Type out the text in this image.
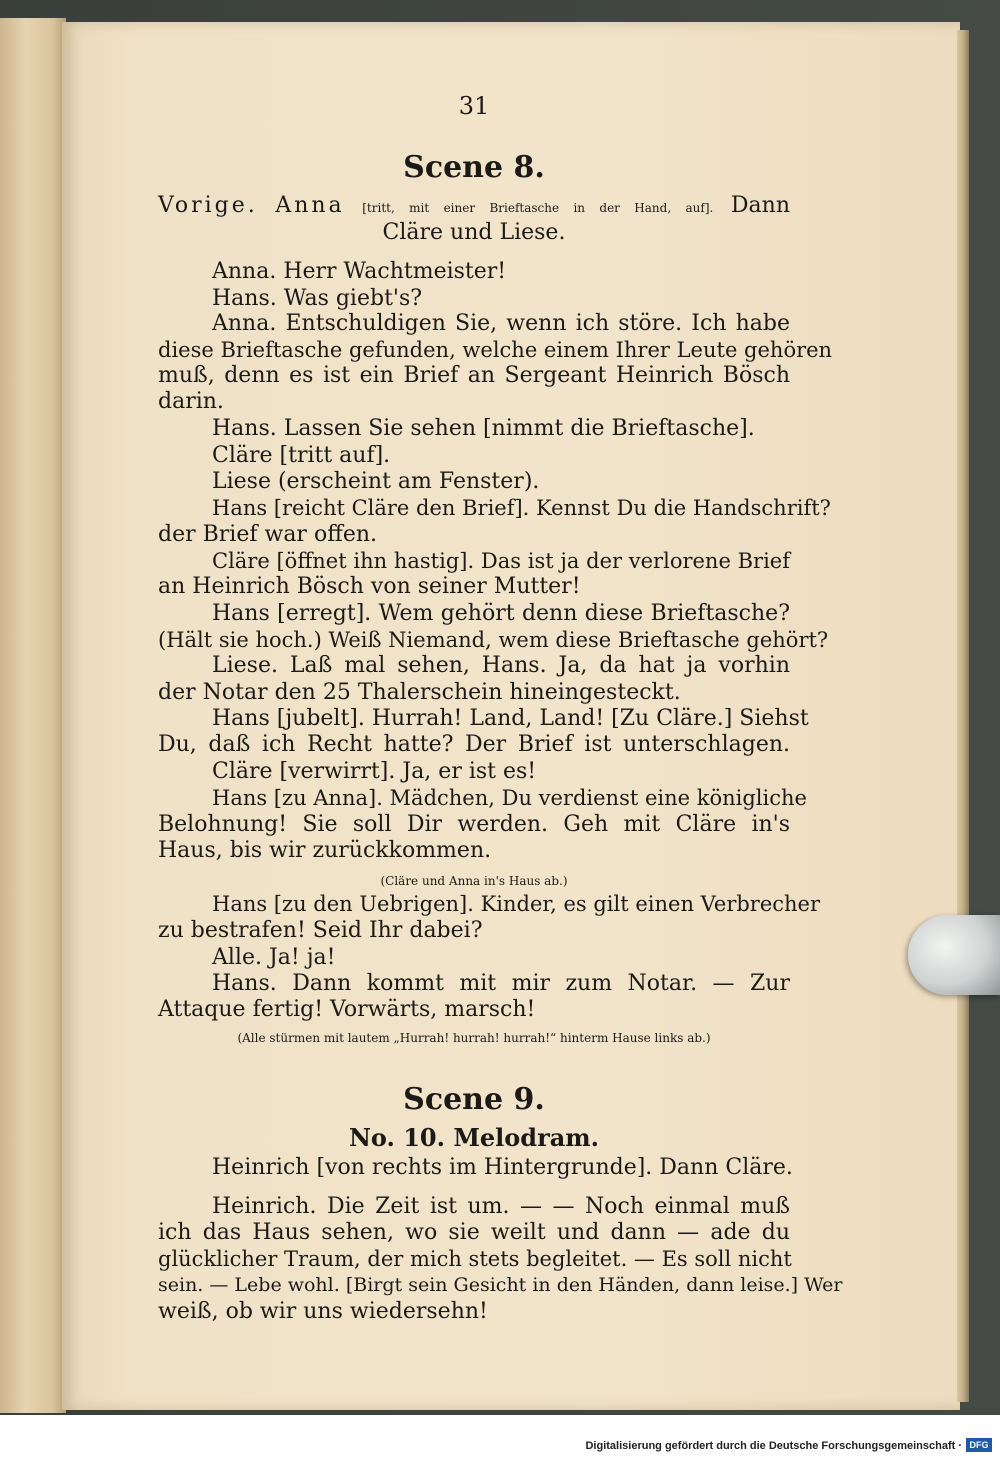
31
Scene 8.
Vorige. Anna [tritt, mit einer Brieftasche in der Hand, auf]. Dann
Cläre und Liese.
Anna. Herr Wachtmeister!
Hans. Was giebt's?
Anna. Entschuldigen Sie, wenn ich störe. Ich habe
diese Brieftasche gefunden, welche einem Ihrer Leute gehören
muß, denn es ist ein Brief an Sergeant Heinrich Bösch
darin.
Hans. Lassen Sie sehen [nimmt die Brieftasche].
Cläre [tritt auf].
Liese (erscheint am Fenster).
Hans [reicht Cläre den Brief]. Kennst Du die Handschrift?
der Brief war offen.
Cläre [öffnet ihn hastig]. Das ist ja der verlorene Brief
an Heinrich Bösch von seiner Mutter!
Hans [erregt]. Wem gehört denn diese Brieftasche?
(Hält sie hoch.) Weiß Niemand, wem diese Brieftasche gehört?
Liese. Laß mal sehen, Hans. Ja, da hat ja vorhin
der Notar den 25 Thalerschein hineingesteckt.
Hans [jubelt]. Hurrah! Land, Land! [Zu Cläre.] Siehst
Du, daß ich Recht hatte? Der Brief ist unterschlagen.
Cläre [verwirrt]. Ja, er ist es!
Hans [zu Anna]. Mädchen, Du verdienst eine königliche
Belohnung! Sie soll Dir werden. Geh mit Cläre in's
Haus, bis wir zurückkommen.
(Cläre und Anna in's Haus ab.)
Hans [zu den Uebrigen]. Kinder, es gilt einen Verbrecher
zu bestrafen! Seid Ihr dabei?
Alle. Ja! ja!
Hans. Dann kommt mit mir zum Notar. — Zur
Attaque fertig! Vorwärts, marsch!
(Alle stürmen mit lautem „Hurrah! hurrah! hurrah!“ hinterm Hause links ab.)
Scene 9.
No. 10. Melodram.
Heinrich [von rechts im Hintergrunde]. Dann Cläre.
Heinrich. Die Zeit ist um. — — Noch einmal muß
ich das Haus sehen, wo sie weilt und dann — ade du
glücklicher Traum, der mich stets begleitet. — Es soll nicht
sein. — Lebe wohl. [Birgt sein Gesicht in den Händen, dann leise.] Wer
weiß, ob wir uns wiedersehn!
Digitalisierung gefördert durch die Deutsche Forschungsgemeinschaft · DFG
